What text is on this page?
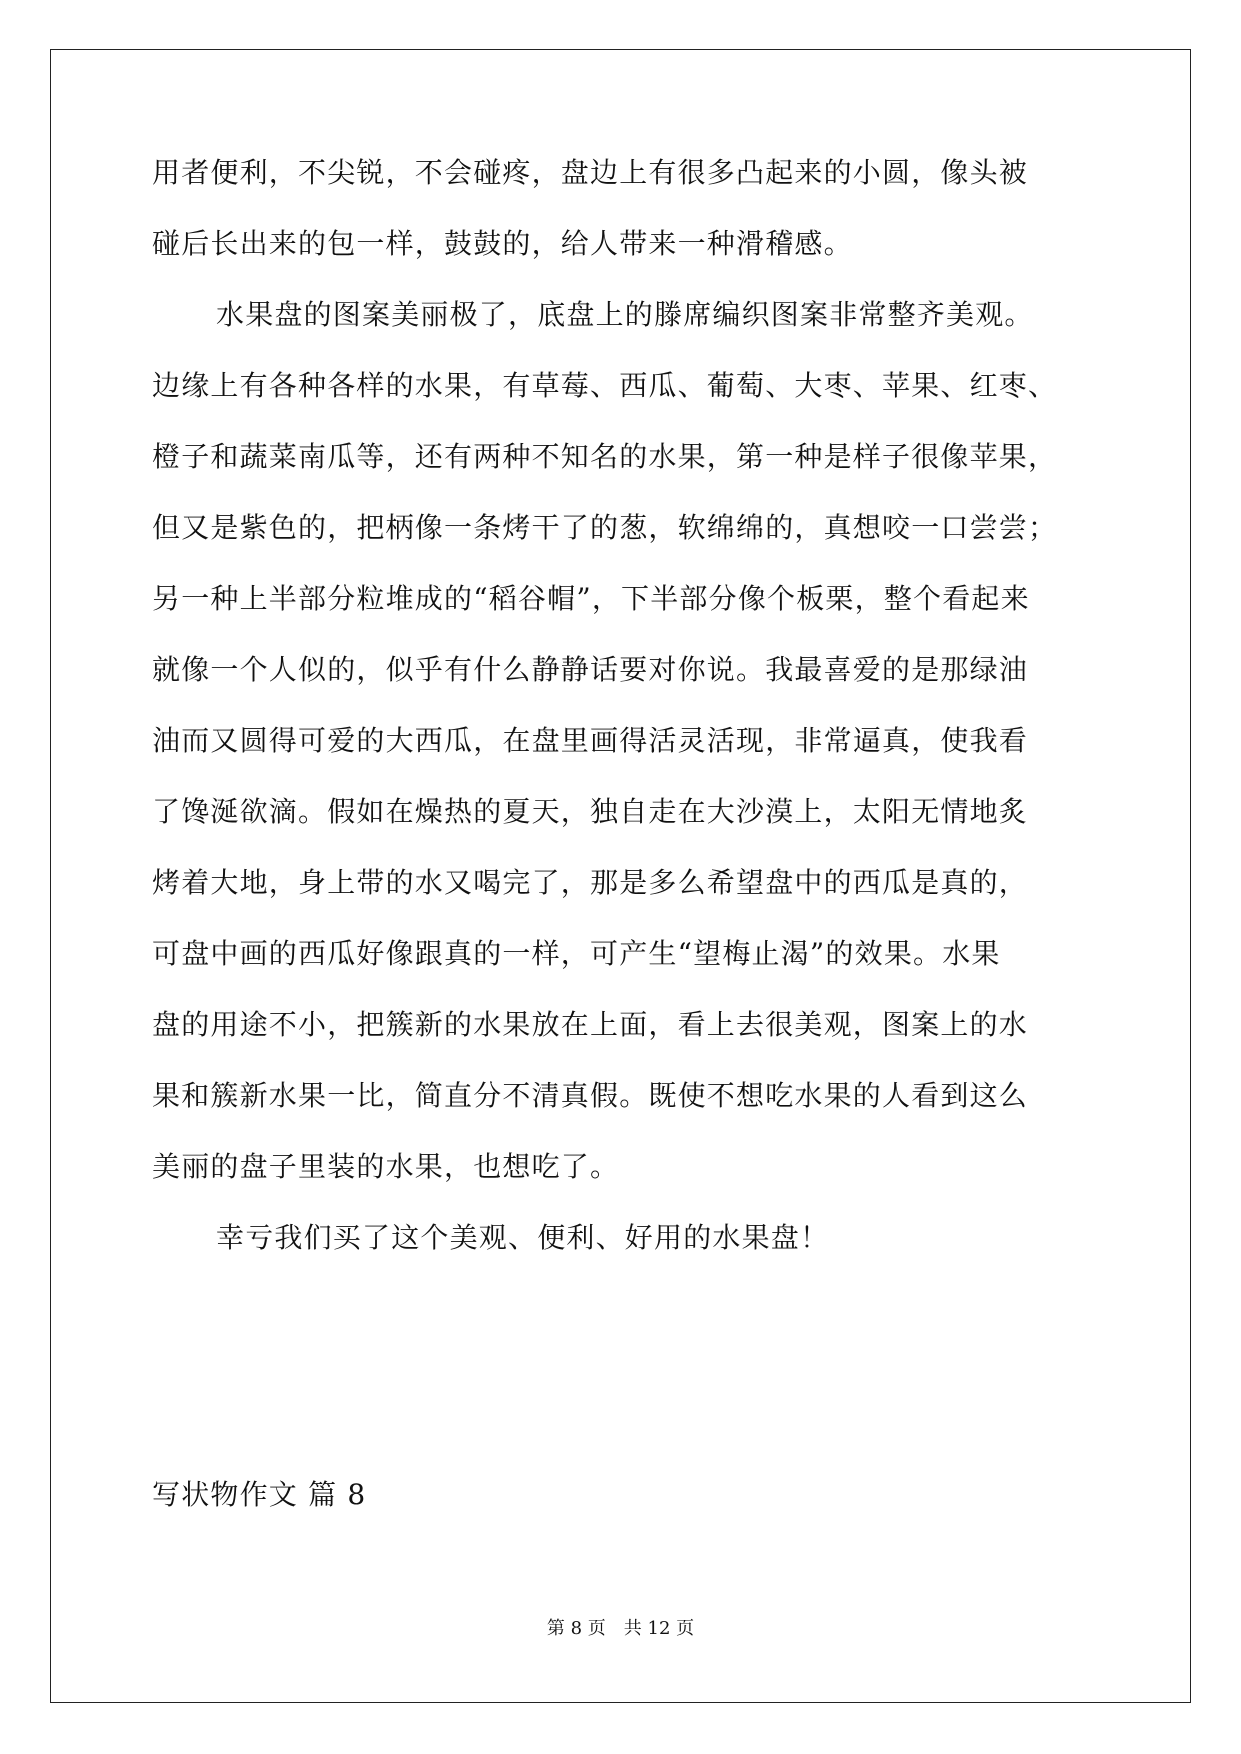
用者便利，不尖锐，不会碰疼，盘边上有很多凸起来的小圆，像头被
碰后长出来的包一样，鼓鼓的，给人带来一种滑稽感。
水果盘的图案美丽极了，底盘上的滕席编织图案非常整齐美观。
边缘上有各种各样的水果，有草莓、西瓜、葡萄、大枣、苹果、红枣、
橙子和蔬菜南瓜等，还有两种不知名的水果，第一种是样子很像苹果，
但又是紫色的，把柄像一条烤干了的葱，软绵绵的，真想咬一口尝尝；
另一种上半部分粒堆成的“稻谷帽”，下半部分像个板栗，整个看起来
就像一个人似的，似乎有什么静静话要对你说。我最喜爱的是那绿油
油而又圆得可爱的大西瓜，在盘里画得活灵活现，非常逼真，使我看
了馋涎欲滴。假如在燥热的夏天，独自走在大沙漠上，太阳无情地炙
烤着大地，身上带的水又喝完了，那是多么希望盘中的西瓜是真的，
可盘中画的西瓜好像跟真的一样，可产生“望梅止渴”的效果。水果
盘的用途不小，把簇新的水果放在上面，看上去很美观，图案上的水
果和簇新水果一比，简直分不清真假。既使不想吃水果的人看到这么
美丽的盘子里装的水果，也想吃了。
幸亏我们买了这个美观、便利、好用的水果盘！
写状物作文 篇 8
第 8 页 共 12 页
